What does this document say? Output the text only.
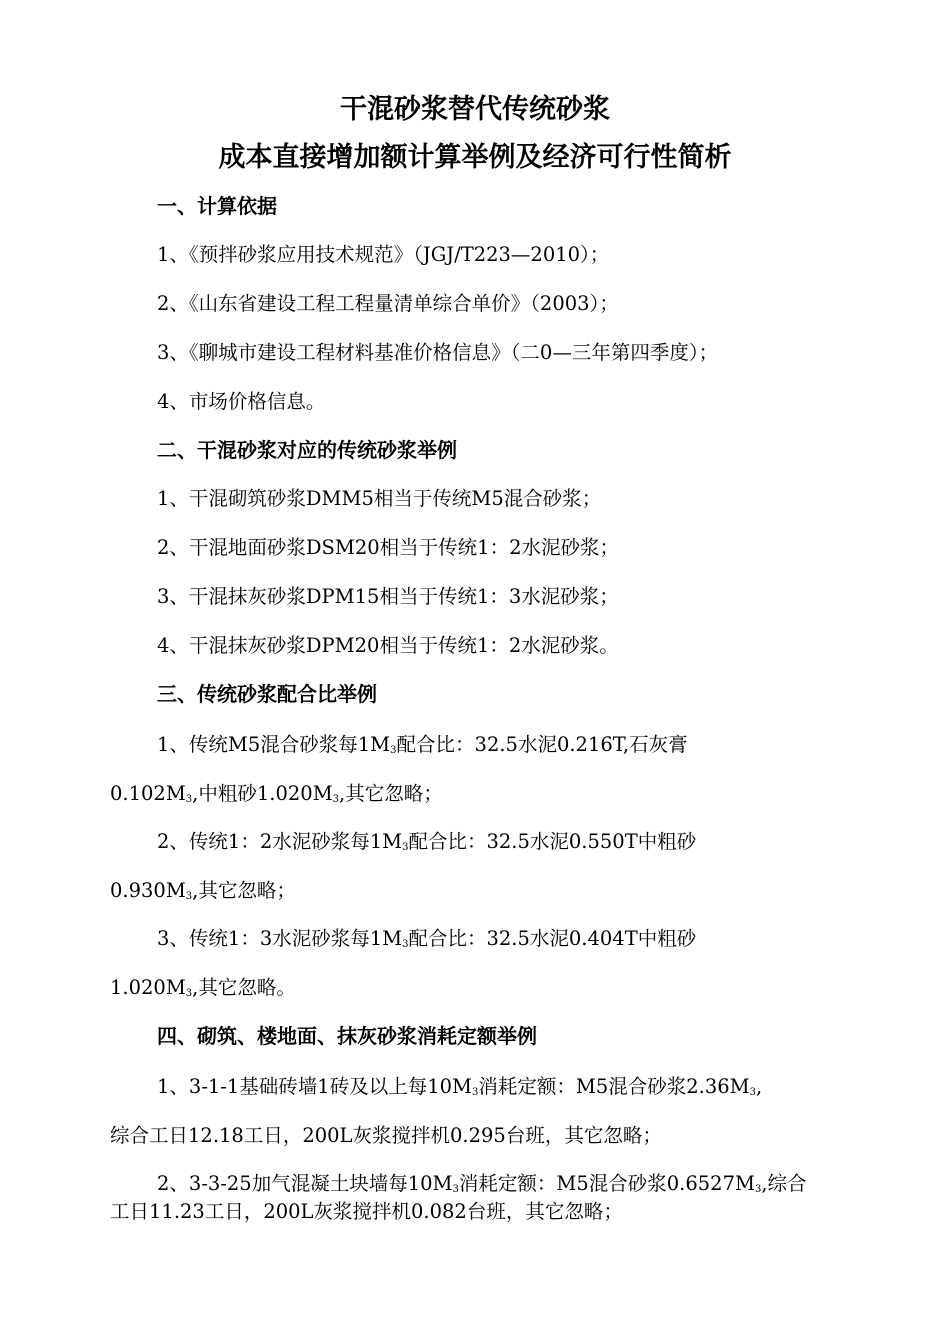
干混砂浆替代传统砂浆
成本直接增加额计算举例及经济可行性简析
一、计算依据
1、《预拌砂浆应用技术规范》（JGJ/T223—2010）；
2、《山东省建设工程工程量清单综合单价》（2003）；
3、《聊城市建设工程材料基准价格信息》（二0—三年第四季度）；
4、市场价格信息。
二、干混砂浆对应的传统砂浆举例
1、干混砌筑砂浆DMM5相当于传统M5混合砂浆；
2、干混地面砂浆DSM20相当于传统1：2水泥砂浆；
3、干混抹灰砂浆DPM15相当于传统1：3水泥砂浆；
4、干混抹灰砂浆DPM20相当于传统1：2水泥砂浆。
三、传统砂浆配合比举例
1、传统M5混合砂浆每$1M_3$配合比：32.5水泥0.216T,石灰膏
$0.102M_3$,中粗砂$1.020M_3$,其它忽略；
2、传统1：2水泥砂浆每$1M_3$配合比：32.5水泥0.550T中粗砂
$0.930M_3$,其它忽略；
3、传统1：3水泥砂浆每$1M_3$配合比：32.5水泥0.404T中粗砂
$1.020M_3$,其它忽略。
四、砌筑、楼地面、抹灰砂浆消耗定额举例
1、3-1-1基础砖墙1砖及以上每$10M_3$消耗定额：M5混合砂浆$2.36M_3$,
综合工日12.18工日，200L灰浆搅拌机0.295台班，其它忽略；
2、3-3-25加气混凝土块墙每$10M_3$消耗定额：M5混合砂浆$0.6527M_3$,综合
工日11.23工日，200L灰浆搅拌机0.082台班，其它忽略；
